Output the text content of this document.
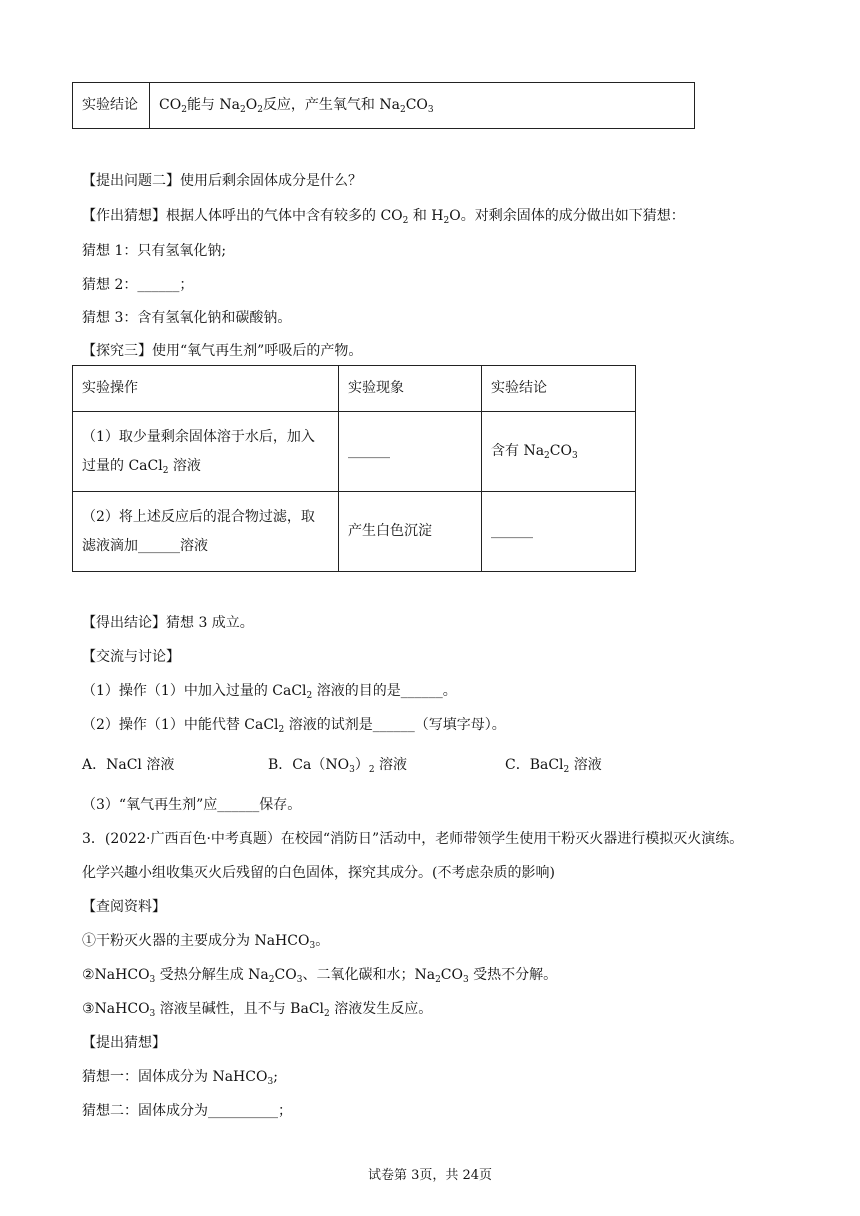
实验结论	$CO_2$能与 $Na_2O_2$反应，产生氧气和 $Na_2CO_3$
【提出问题二】使用后剩余固体成分是什么？
【作出猜想】根据人体呼出的气体中含有较多的 $CO_2$ 和 $H_2O$。对剩余固体的成分做出如下猜想：
猜想 1：只有氢氧化钠;
猜想 2：______；
猜想 3：含有氢氧化钠和碳酸钠。
【探究三】使用“氧气再生剂”呼吸后的产物。
实验操作	实验现象	实验结论

（1）取少量剩余固体溶于水后，加入
过量的 CaCl$_2$ 溶液	______	含有 $Na_2CO_3$

（2）将上述反应后的混合物过滤，取
滤液滴加______溶液	产生白色沉淀	______
【得出结论】猜想 3 成立。
【交流与讨论】
（1）操作（1）中加入过量的 CaCl$_2$ 溶液的目的是______。
（2）操作（1）中能代替 CaCl$_2$ 溶液的试剂是______（写填字母）。
A．NaCl 溶液	B．$Ca(NO_3)_2$ 溶液	C．BaCl$_2$ 溶液
（3）“氧气再生剂”应______保存。
3．(2022·广西百色·中考真题）在校园“消防日”活动中，老师带领学生使用干粉灭火器进行模拟灭火演练。
化学兴趣小组收集灭火后残留的白色固体，探究其成分。(不考虑杂质的影响)
【查阅资料】
①干粉灭火器的主要成分为 NaHCO$_3$。
②NaHCO$_3$ 受热分解生成 $Na_2CO_3$、二氧化碳和水；$Na_2CO_3$ 受热不分解。
③NaHCO$_3$ 溶液呈碱性，且不与 BaCl$_2$ 溶液发生反应。
【提出猜想】
猜想一：固体成分为 NaHCO$_3$;
猜想二：固体成分为__________；
试卷第 3页，共 24页
